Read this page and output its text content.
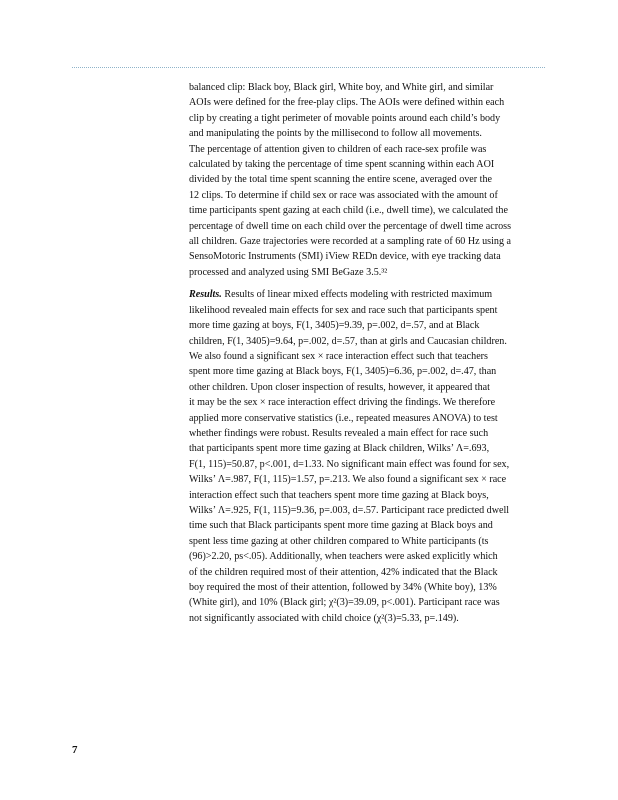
balanced clip: Black boy, Black girl, White boy, and White girl, and similar
AOIs were defined for the free-play clips. The AOIs were defined within each
clip by creating a tight perimeter of movable points around each child’s body
and manipulating the points by the millisecond to follow all movements.
The percentage of attention given to children of each race-sex profile was
calculated by taking the percentage of time spent scanning within each AOI
divided by the total time spent scanning the entire scene, averaged over the
12 clips. To determine if child sex or race was associated with the amount of
time participants spent gazing at each child (i.e., dwell time), we calculated the
percentage of dwell time on each child over the percentage of dwell time across
all children. Gaze trajectories were recorded at a sampling rate of 60 Hz using a
SensoMotoric Instruments (SMI) iView REDn device, with eye tracking data
processed and analyzed using SMI BeGaze 3.5.³²

Results. Results of linear mixed effects modeling with restricted maximum
likelihood revealed main effects for sex and race such that participants spent
more time gazing at boys, F(1, 3405)=9.39, p=.002, d=.57, and at Black
children, F(1, 3405)=9.64, p=.002, d=.57, than at girls and Caucasian children.
We also found a significant sex × race interaction effect such that teachers
spent more time gazing at Black boys, F(1, 3405)=6.36, p=.002, d=.47, than
other children. Upon closer inspection of results, however, it appeared that
it may be the sex × race interaction effect driving the findings. We therefore
applied more conservative statistics (i.e., repeated measures ANOVA) to test
whether findings were robust. Results revealed a main effect for race such
that participants spent more time gazing at Black children, Wilks’ Λ=.693,
F(1, 115)=50.87, p<.001, d=1.33. No significant main effect was found for sex,
Wilks’ Λ=.987, F(1, 115)=1.57, p=.213. We also found a significant sex × race
interaction effect such that teachers spent more time gazing at Black boys,
Wilks’ Λ=.925, F(1, 115)=9.36, p=.003, d=.57. Participant race predicted dwell
time such that Black participants spent more time gazing at Black boys and
spent less time gazing at other children compared to White participants (ts
(96)>2.20, ps<.05). Additionally, when teachers were asked explicitly which
of the children required most of their attention, 42% indicated that the Black
boy required the most of their attention, followed by 34% (White boy), 13%
(White girl), and 10% (Black girl; χ²(3)=39.09, p<.001). Participant race was
not significantly associated with child choice (χ²(3)=5.33, p=.149).

7
